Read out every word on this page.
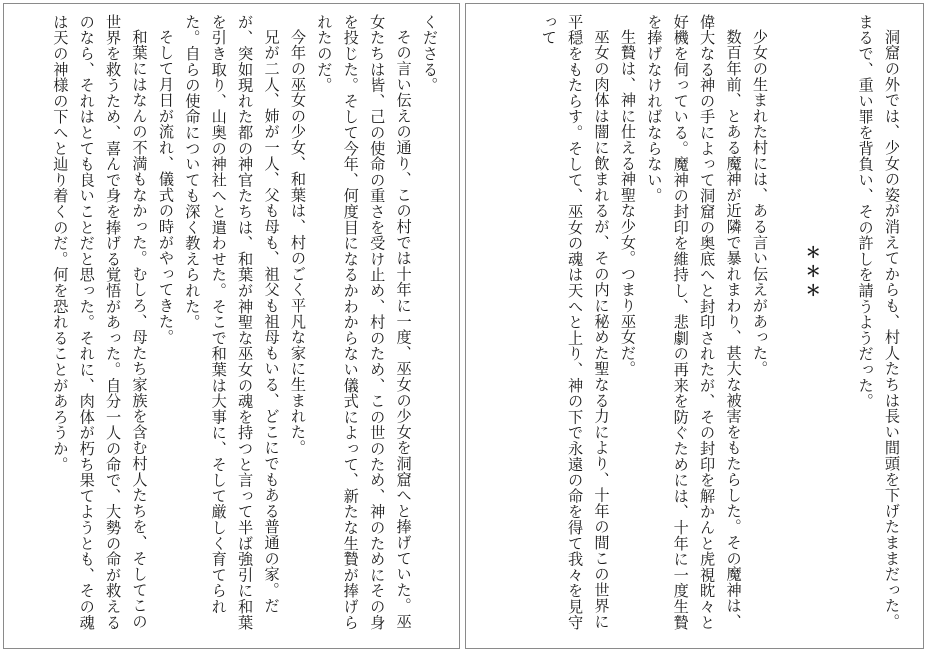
くださる。

その言い伝えの通り、この村では十年に一度、巫女の少女を洞窟へと捧げていた。巫女たちは皆、己の使命の重さを受け止め、村のため、この世のため、神のためにその身を投じた。そして今年、何度目になるかわからない儀式によって、新たな生贄が捧げられたのだ。

今年の巫女の少女、和葉は、村のごく平凡な家に生まれた。

兄が二人、姉が一人、父も母も、祖父も祖母もいる、どこにでもある普通の家。だが、突如現れた都の神官たちは、和葉が神聖な巫女の魂を持つと言って半ば強引に和葉を引き取り、山奥の神社へと遣わせた。そこで和葉は大事に、そして厳しく育てられた。自らの使命についても深く教えられた。

そして月日が流れ、儀式の時がやってきた。

和葉にはなんの不満もなかった。むしろ、母たち家族を含む村人たちを、そしてこの世界を救うため、喜んで身を捧げる覚悟があった。自分一人の命で、大勢の命が救えるのなら、それはとても良いことだと思った。それに、肉体が朽ち果てようとも、その魂は天の神様の下へと辿り着くのだ。何を恐れることがあろうか。	洞窟の外では、少女の姿が消えてからも、村人たちは長い間頭を下げたままだった。まるで、重い罪を背負い、その許しを請うようだった。

＊＊＊

少女の生まれた村には、ある言い伝えがあった。

数百年前、とある魔神が近隣で暴れまわり、甚大な被害をもたらした。その魔神は、偉大なる神の手によって洞窟の奥底へと封印されたが、その封印を解かんと虎視眈々と好機を伺っている。魔神の封印を維持し、悲劇の再来を防ぐためには、十年に一度生贄を捧げなければならない。

生贄は、神に仕える神聖な少女。つまり巫女だ。

巫女の肉体は闇に飲まれるが、その内に秘めた聖なる力により、十年の間この世界に平穏をもたらす。そして、巫女の魂は天へと上り、神の下で永遠の命を得て我々を見守って
